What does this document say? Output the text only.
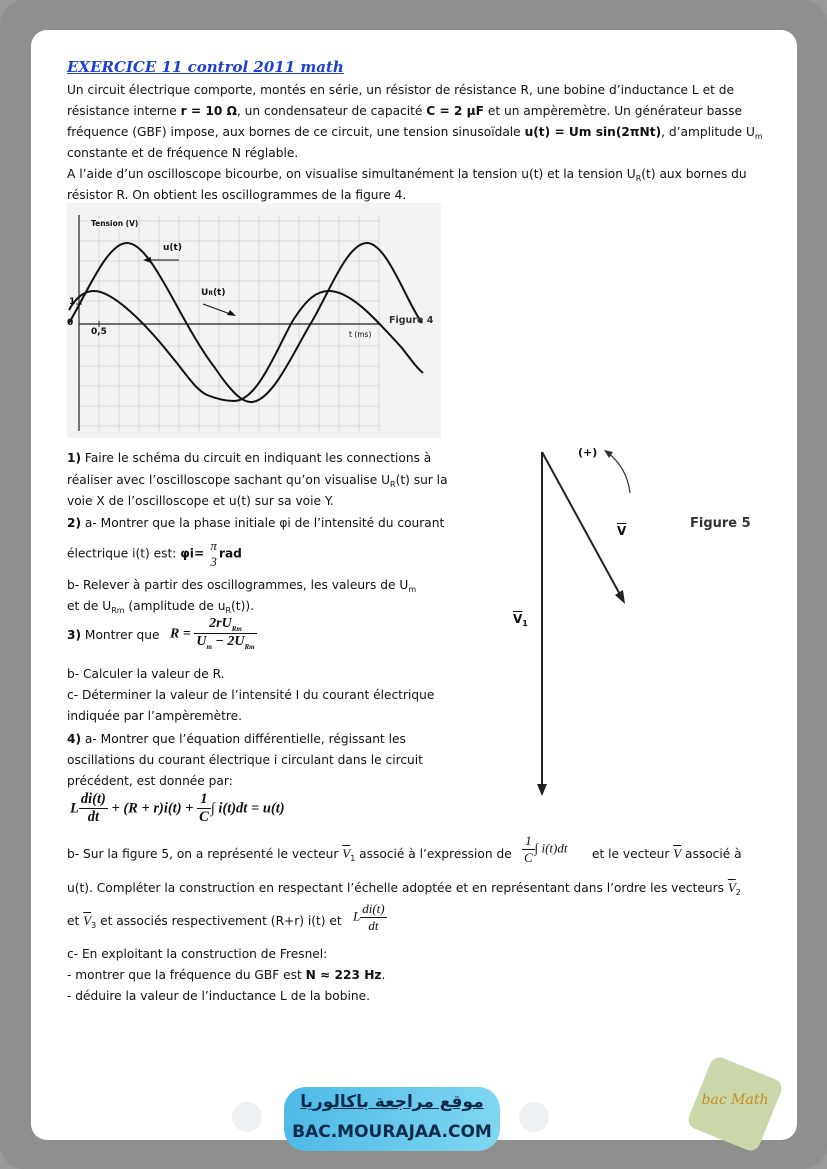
EXERCICE 11 control 2011 math
Un circuit électrique comporte, montés en série, un résistor de résistance R, une bobine d’inductance L et de
résistance interne r = 10 Ω, un condensateur de capacité C = 2 μF et un ampèremètre. Un générateur basse
fréquence (GBF) impose, aux bornes de ce circuit, une tension sinusoïdale u(t) = Um sin(2πNt), d’amplitude $U_m$
constante et de fréquence N réglable.
A l’aide d’un oscilloscope bicourbe, on visualise simultanément la tension u(t) et la tension $U_R(t)$ aux bornes du
résistor R. On obtient les oscillogrammes de la figure 4.
Tension (V)
u(t)
UR(t)
1
0
0,5	t (ms)
Figure 4
1) Faire le schéma du circuit en indiquant les connections à
réaliser avec l’oscilloscope sachant qu’on visualise $U_R(t)$ sur la
voie X de l’oscilloscope et u(t) sur sa voie Y.
2) a- Montrer que la phase initiale φi de l’intensité du courant
électrique i(t) est: φi=
π
3
rad
b- Relever à partir des oscillogrammes, les valeurs de $U_m$
et de $U_{Rm}$ (amplitude de $u_R(t)$).
3) Montrer que $R = \frac{2rU_{Rm}}{U_m - 2U_{Rm}}$
b- Calculer la valeur de R.
c- Déterminer la valeur de l’intensité I du courant électrique
indiquée par l’ampèremètre.
4) a- Montrer que l’équation différentielle, régissant les
oscillations du courant électrique i circulant dans le circuit
précédent, est donnée par:
L $\frac{di(t)}{dt} + (R + r)i(t) + \frac{1}{C}$ ∫ i(t)dt = u(t)
b- Sur la figure 5, on a représenté le vecteur $\overline{V}_1$ associé à l’expression de $\frac{1}{C}$ ∫ i(t)dt et le vecteur $\overline{V}$ associé à
u(t). Compléter la construction en respectant l’échelle adoptée et en représentant dans l’ordre les vecteurs $\overline{V}_2$
et $\overline{V}_3$ et associés respectivement (R+r) i(t) et L $\frac{di(t)}{dt}$
c- En exploitant la construction de Fresnel:
- montrer que la fréquence du GBF est N ≈ 223 Hz.
- déduire la valeur de l’inductance L de la bobine.
(+)
$\overline{V}$
$\overline{V}_1$
Figure 5
موقع مراجعة باكالوريا
BAC.MOURAJAA.COM
bac Math
